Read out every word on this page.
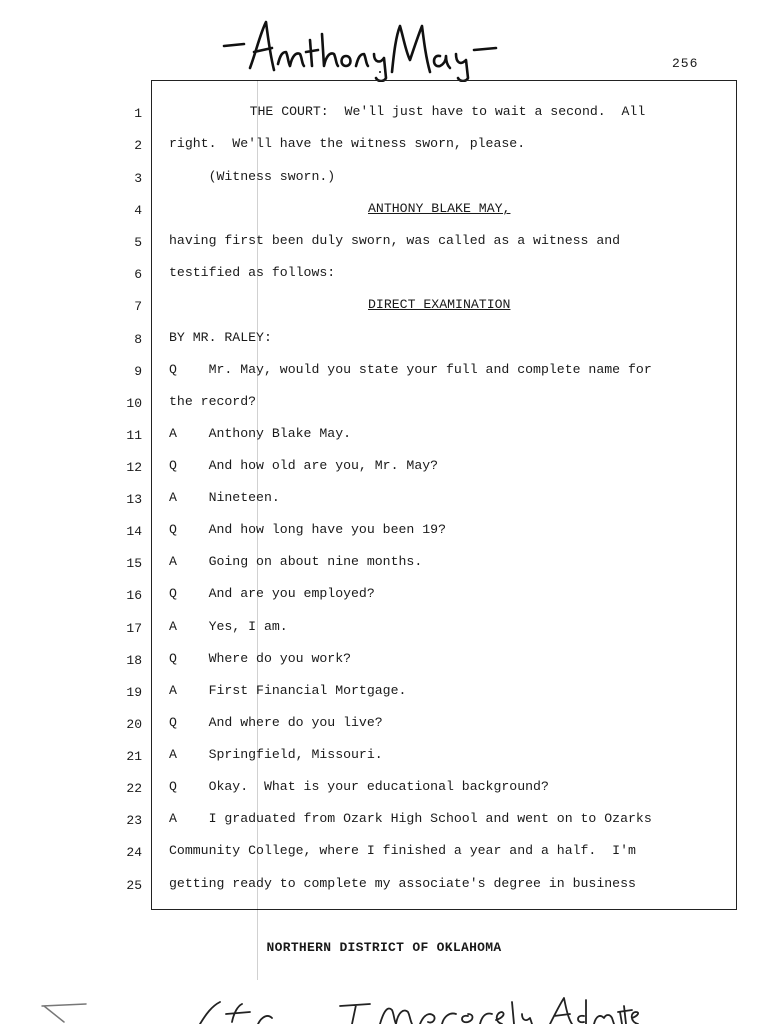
256
1
2
3
4
5
6
7
8
9
10
11
12
13
14
15
16
17
18
19
20
21
22
23
24
25
THE COURT:  We'll just have to wait a second.  All
right.  We'll have the witness sworn, please.
(Witness sworn.)
ANTHONY BLAKE MAY,
having first been duly sworn, was called as a witness and
testified as follows:
DIRECT EXAMINATION
BY MR. RALEY:
Q    Mr. May, would you state your full and complete name for
the record?
A    Anthony Blake May.
Q    And how old are you, Mr. May?
A    Nineteen.
Q    And how long have you been 19?
A    Going on about nine months.
Q    And are you employed?
A    Yes, I am.
Q    Where do you work?
A    First Financial Mortgage.
Q    And where do you live?
A    Springfield, Missouri.
Q    Okay.  What is your educational background?
A    I graduated from Ozark High School and went on to Ozarks
Community College, where I finished a year and a half.  I'm
getting ready to complete my associate's degree in business
NORTHERN DISTRICT OF OKLAHOMA
